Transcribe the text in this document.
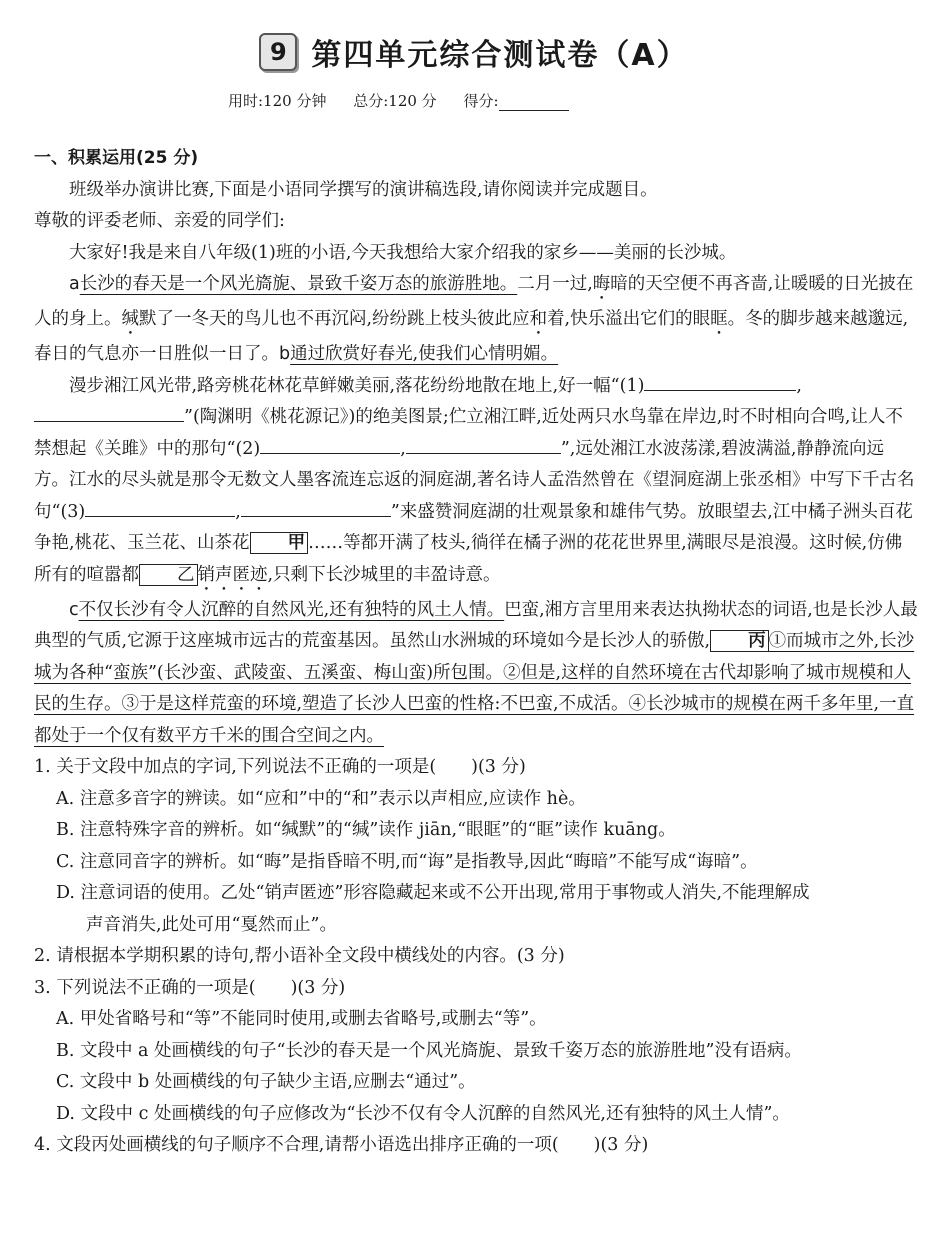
9 第四单元综合测试卷（A）
用时:120 分钟 总分:120 分 得分:

一、积累运用(25 分)

班级举办演讲比赛,下面是小语同学撰写的演讲稿选段,请你阅读并完成题目。

尊敬的评委老师、亲爱的同学们:

大家好!我是来自八年级(1)班的小语,今天我想给大家介绍我的家乡——美丽的长沙城。

a长沙的春天是一个风光旖旎、景致千姿万态的旅游胜地。二月一过,晦暗的天空便不再吝啬,让暖暖的日光披在人的身上。缄默了一冬天的鸟儿也不再沉闷,纷纷跳上枝头彼此应和着,快乐溢出它们的眼眶。冬的脚步越来越邈远,春日的气息亦一日胜似一日了。b通过欣赏好春光,使我们心情明媚。

漫步湘江风光带,路旁桃花林花草鲜嫩美丽,落花纷纷地散在地上,好一幅“(1)	,”(陶渊明《桃花源记》)的绝美图景;伫立湘江畔,近处两只水鸟靠在岸边,时不时相向合鸣,让人不禁想起《关雎》中的那句“(2)	,	”,远处湘江水波荡漾,碧波满溢,静静流向远方。江水的尽头就是那令无数文人墨客流连忘返的洞庭湖,著名诗人孟浩然曾在《望洞庭湖上张丞相》中写下千古名句“(3)	,	”来盛赞洞庭湖的壮观景象和雄伟气势。放眼望去,江中橘子洲头百花争艳,桃花、玉兰花、山茶花 甲 ……等都开满了枝头,徜徉在橘子洲的花花世界里,满眼尽是浪漫。这时候,仿佛所有的喧嚣都 乙 销声匿迹,只剩下长沙城里的丰盈诗意。

c不仅长沙有令人沉醉的自然风光,还有独特的风土人情。巴蛮,湘方言里用来表达执拗状态的词语,也是长沙人最典型的气质,它源于这座城市远古的荒蛮基因。虽然山水洲城的环境如今是长沙人的骄傲, 丙 ①而城市之外,长沙城为各种“蛮族”(长沙蛮、武陵蛮、五溪蛮、梅山蛮)所包围。②但是,这样的自然环境在古代却影响了城市规模和人民的生存。③于是这样荒蛮的环境,塑造了长沙人巴蛮的性格:不巴蛮,不成活。④长沙城市的规模在两千多年里,一直都处于一个仅有数平方千米的围合空间之内。

1. 关于文段中加点的字词,下列说法不正确的一项是(　　)(3 分)

A. 注意多音字的辨读。如“应和”中的“和”表示以声相应,应读作 hè。

B. 注意特殊字音的辨析。如“缄默”的“缄”读作 jiān,“眼眶”的“眶”读作 kuāng。

C. 注意同音字的辨析。如“晦”是指昏暗不明,而“诲”是指教导,因此“晦暗”不能写成“诲暗”。

D. 注意词语的使用。乙处“销声匿迹”形容隐藏起来或不公开出现,常用于事物或人消失,不能理解成

声音消失,此处可用“戛然而止”。

2. 请根据本学期积累的诗句,帮小语补全文段中横线处的内容。(3 分)

3. 下列说法不正确的一项是(　　)(3 分)

A. 甲处省略号和“等”不能同时使用,或删去省略号,或删去“等”。

B. 文段中 a 处画横线的句子“长沙的春天是一个风光旖旎、景致千姿万态的旅游胜地”没有语病。

C. 文段中 b 处画横线的句子缺少主语,应删去“通过”。

D. 文段中 c 处画横线的句子应修改为“长沙不仅有令人沉醉的自然风光,还有独特的风土人情”。

4. 文段丙处画横线的句子顺序不合理,请帮小语选出排序正确的一项(　　)(3 分)
